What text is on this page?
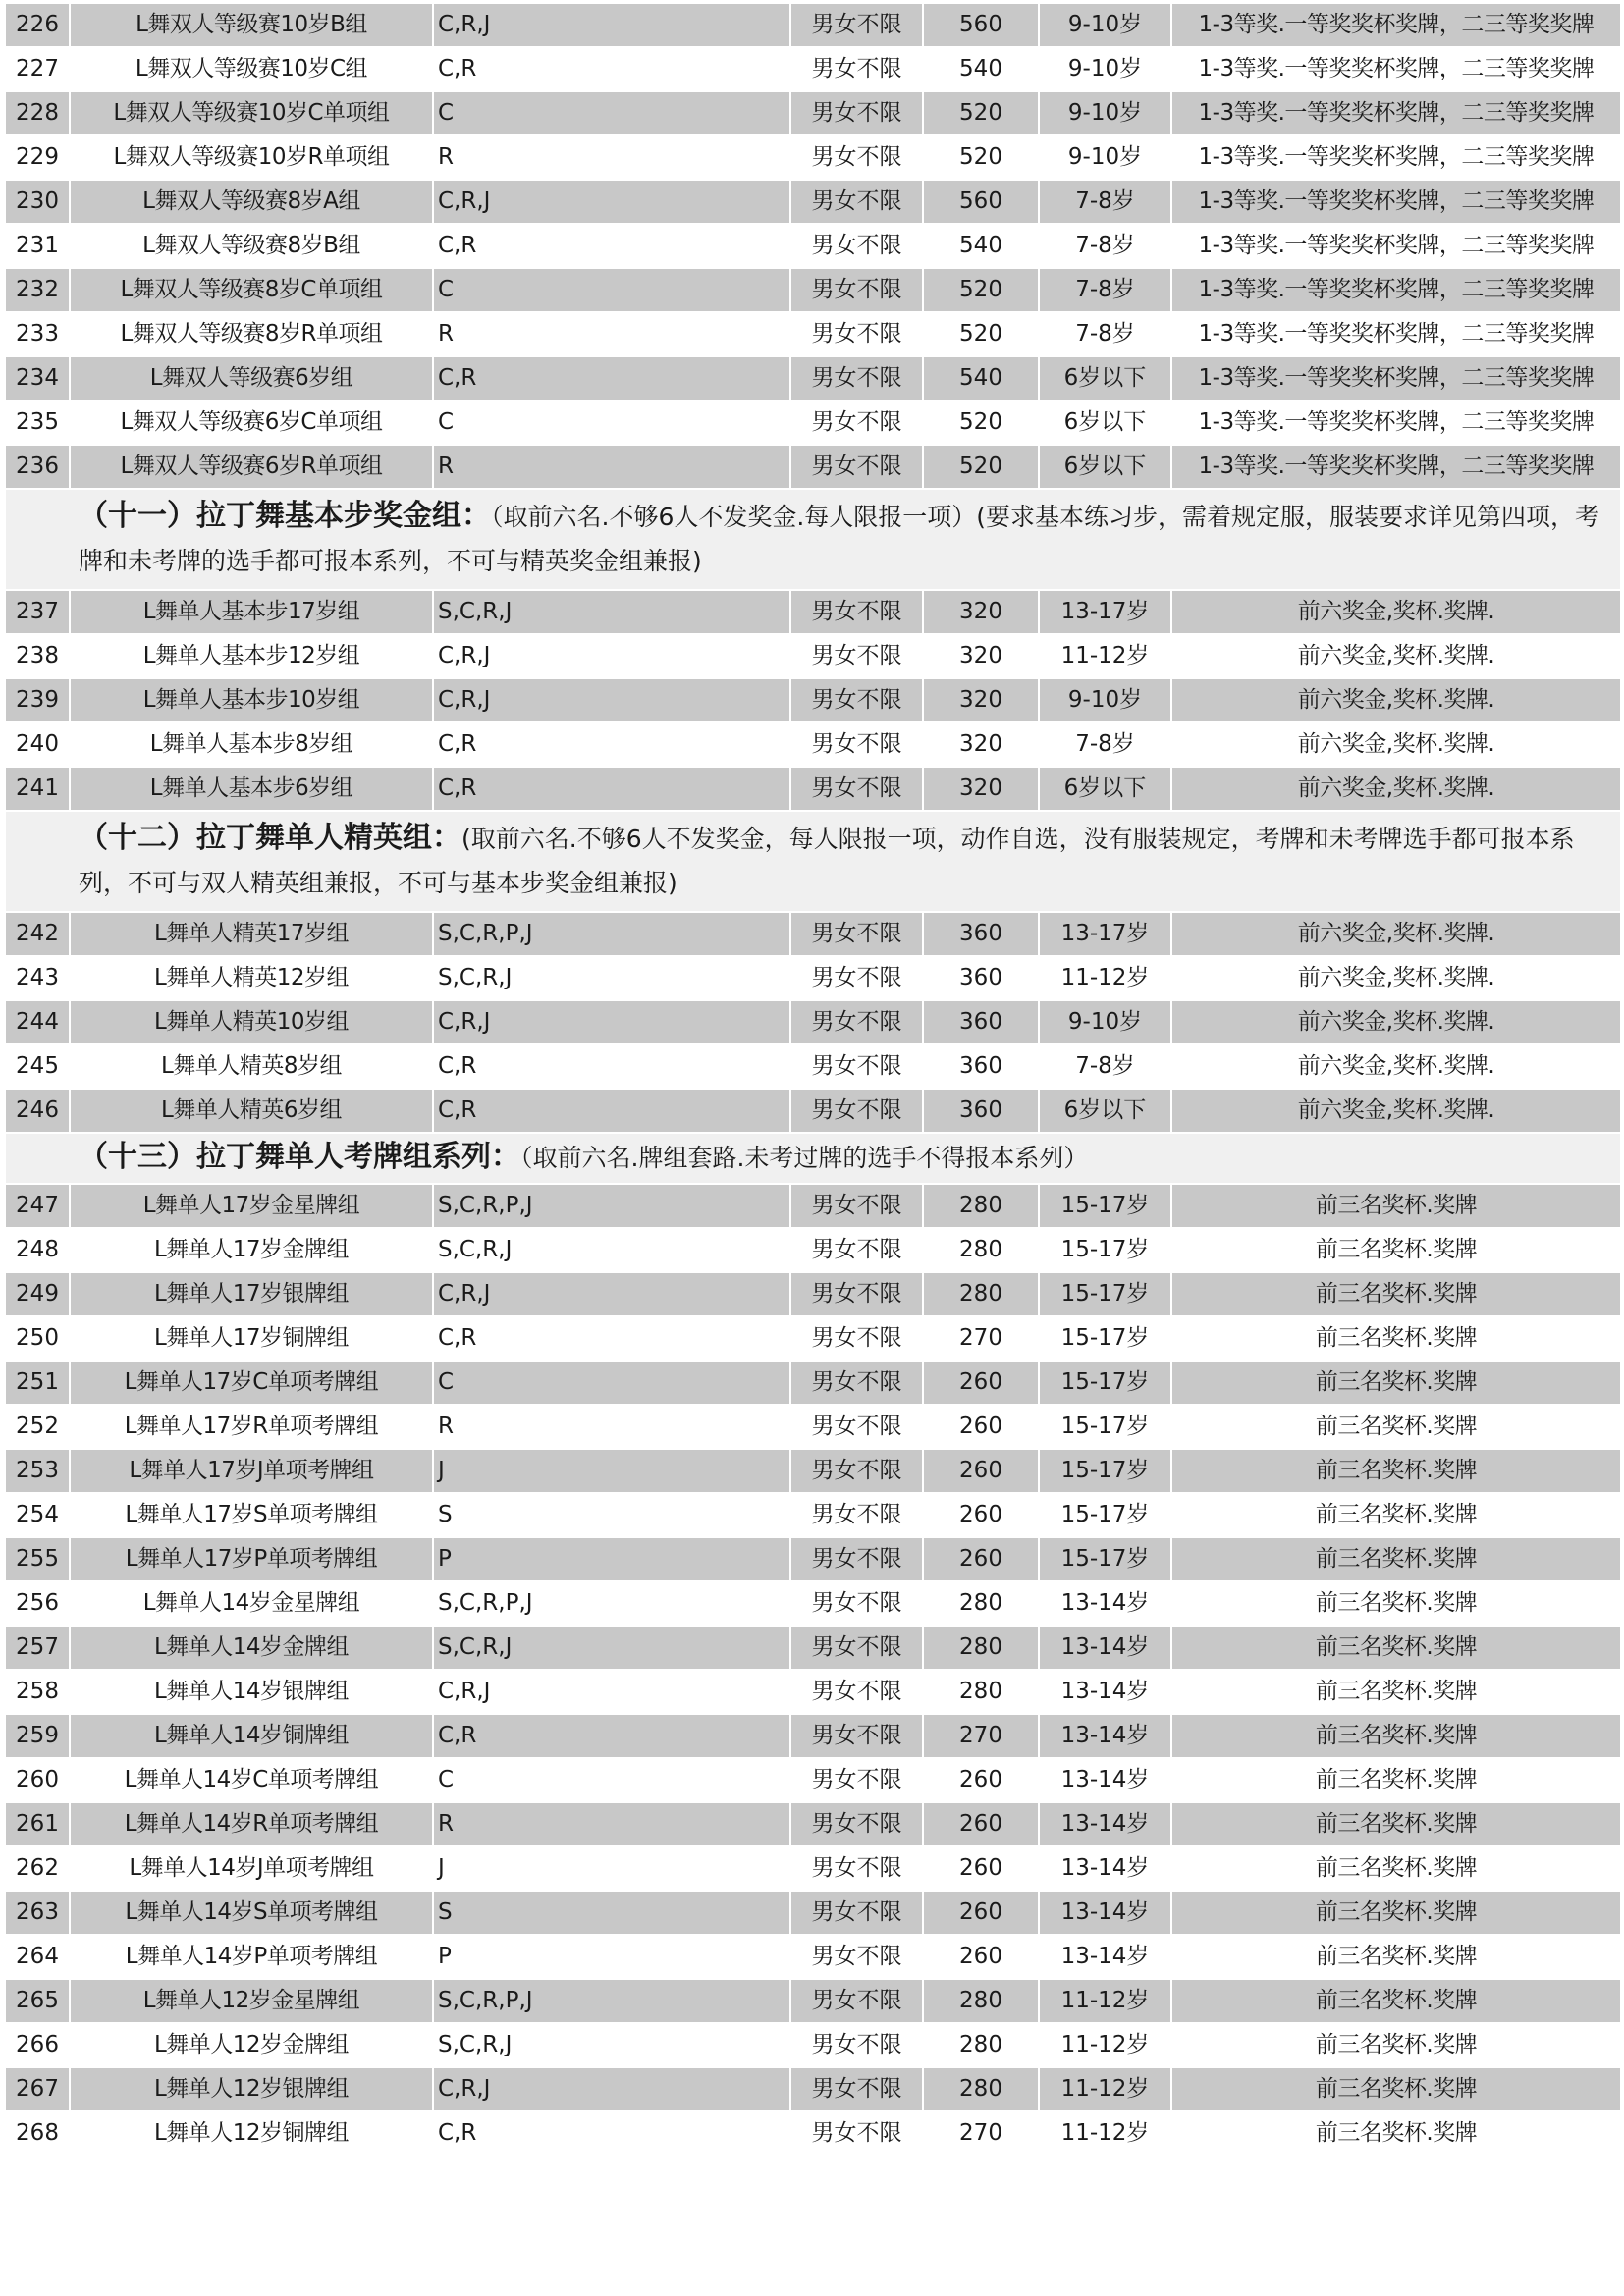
226	L舞双人等级赛10岁B组	C,R,J	男女不限	560	9-10岁	1-3等奖.一等奖奖杯奖牌，二三等奖奖牌
227	L舞双人等级赛10岁C组	C,R	男女不限	540	9-10岁	1-3等奖.一等奖奖杯奖牌，二三等奖奖牌
228	L舞双人等级赛10岁C单项组	C	男女不限	520	9-10岁	1-3等奖.一等奖奖杯奖牌，二三等奖奖牌
229	L舞双人等级赛10岁R单项组	R	男女不限	520	9-10岁	1-3等奖.一等奖奖杯奖牌，二三等奖奖牌
230	L舞双人等级赛8岁A组	C,R,J	男女不限	560	7-8岁	1-3等奖.一等奖奖杯奖牌，二三等奖奖牌
231	L舞双人等级赛8岁B组	C,R	男女不限	540	7-8岁	1-3等奖.一等奖奖杯奖牌，二三等奖奖牌
232	L舞双人等级赛8岁C单项组	C	男女不限	520	7-8岁	1-3等奖.一等奖奖杯奖牌，二三等奖奖牌
233	L舞双人等级赛8岁R单项组	R	男女不限	520	7-8岁	1-3等奖.一等奖奖杯奖牌，二三等奖奖牌
234	L舞双人等级赛6岁组	C,R	男女不限	540	6岁以下	1-3等奖.一等奖奖杯奖牌，二三等奖奖牌
235	L舞双人等级赛6岁C单项组	C	男女不限	520	6岁以下	1-3等奖.一等奖奖杯奖牌，二三等奖奖牌
236	L舞双人等级赛6岁R单项组	R	男女不限	520	6岁以下	1-3等奖.一等奖奖杯奖牌，二三等奖奖牌
（十一）拉丁舞基本步奖金组：（取前六名.不够6人不发奖金.每人限报一项）(要求基本练习步，需着规定服，服装要求详见第四项，考牌和未考牌的选手都可报本系列，不可与精英奖金组兼报)						
237	L舞单人基本步17岁组	S,C,R,J	男女不限	320	13-17岁	前六奖金,奖杯.奖牌.
238	L舞单人基本步12岁组	C,R,J	男女不限	320	11-12岁	前六奖金,奖杯.奖牌.
239	L舞单人基本步10岁组	C,R,J	男女不限	320	9-10岁	前六奖金,奖杯.奖牌.
240	L舞单人基本步8岁组	C,R	男女不限	320	7-8岁	前六奖金,奖杯.奖牌.
241	L舞单人基本步6岁组	C,R	男女不限	320	6岁以下	前六奖金,奖杯.奖牌.
（十二）拉丁舞单人精英组：(取前六名.不够6人不发奖金，每人限报一项，动作自选，没有服装规定，考牌和未考牌选手都可报本系列，不可与双人精英组兼报，不可与基本步奖金组兼报)						
242	L舞单人精英17岁组	S,C,R,P,J	男女不限	360	13-17岁	前六奖金,奖杯.奖牌.
243	L舞单人精英12岁组	S,C,R,J	男女不限	360	11-12岁	前六奖金,奖杯.奖牌.
244	L舞单人精英10岁组	C,R,J	男女不限	360	9-10岁	前六奖金,奖杯.奖牌.
245	L舞单人精英8岁组	C,R	男女不限	360	7-8岁	前六奖金,奖杯.奖牌.
246	L舞单人精英6岁组	C,R	男女不限	360	6岁以下	前六奖金,奖杯.奖牌.
（十三）拉丁舞单人考牌组系列：（取前六名.牌组套路.未考过牌的选手不得报本系列）						
247	L舞单人17岁金星牌组	S,C,R,P,J	男女不限	280	15-17岁	前三名奖杯.奖牌
248	L舞单人17岁金牌组	S,C,R,J	男女不限	280	15-17岁	前三名奖杯.奖牌
249	L舞单人17岁银牌组	C,R,J	男女不限	280	15-17岁	前三名奖杯.奖牌
250	L舞单人17岁铜牌组	C,R	男女不限	270	15-17岁	前三名奖杯.奖牌
251	L舞单人17岁C单项考牌组	C	男女不限	260	15-17岁	前三名奖杯.奖牌
252	L舞单人17岁R单项考牌组	R	男女不限	260	15-17岁	前三名奖杯.奖牌
253	L舞单人17岁J单项考牌组	J	男女不限	260	15-17岁	前三名奖杯.奖牌
254	L舞单人17岁S单项考牌组	S	男女不限	260	15-17岁	前三名奖杯.奖牌
255	L舞单人17岁P单项考牌组	P	男女不限	260	15-17岁	前三名奖杯.奖牌
256	L舞单人14岁金星牌组	S,C,R,P,J	男女不限	280	13-14岁	前三名奖杯.奖牌
257	L舞单人14岁金牌组	S,C,R,J	男女不限	280	13-14岁	前三名奖杯.奖牌
258	L舞单人14岁银牌组	C,R,J	男女不限	280	13-14岁	前三名奖杯.奖牌
259	L舞单人14岁铜牌组	C,R	男女不限	270	13-14岁	前三名奖杯.奖牌
260	L舞单人14岁C单项考牌组	C	男女不限	260	13-14岁	前三名奖杯.奖牌
261	L舞单人14岁R单项考牌组	R	男女不限	260	13-14岁	前三名奖杯.奖牌
262	L舞单人14岁J单项考牌组	J	男女不限	260	13-14岁	前三名奖杯.奖牌
263	L舞单人14岁S单项考牌组	S	男女不限	260	13-14岁	前三名奖杯.奖牌
264	L舞单人14岁P单项考牌组	P	男女不限	260	13-14岁	前三名奖杯.奖牌
265	L舞单人12岁金星牌组	S,C,R,P,J	男女不限	280	11-12岁	前三名奖杯.奖牌
266	L舞单人12岁金牌组	S,C,R,J	男女不限	280	11-12岁	前三名奖杯.奖牌
267	L舞单人12岁银牌组	C,R,J	男女不限	280	11-12岁	前三名奖杯.奖牌
268	L舞单人12岁铜牌组	C,R	男女不限	270	11-12岁	前三名奖杯.奖牌
